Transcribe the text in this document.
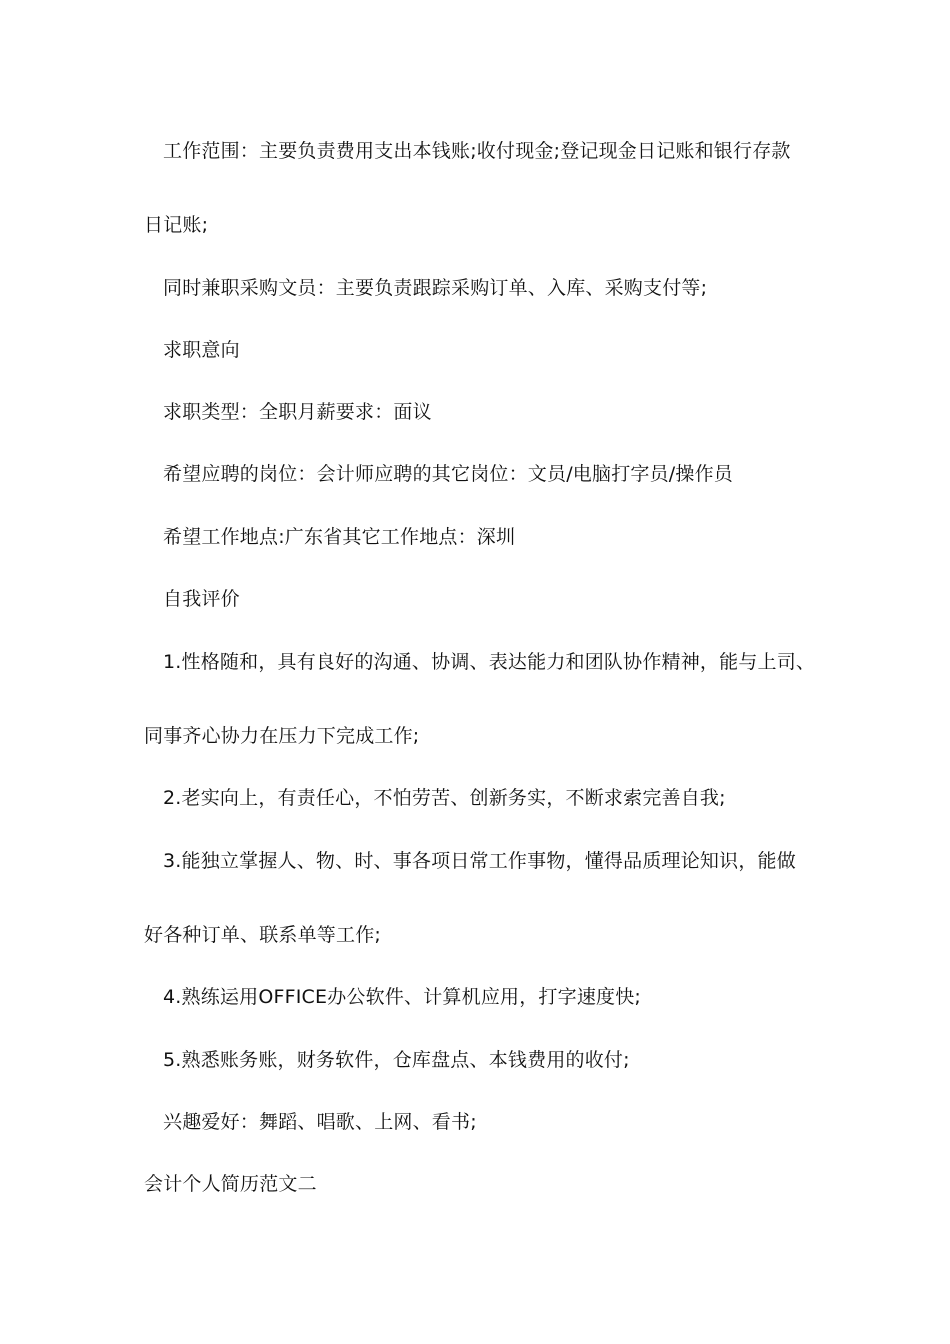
工作范围：主要负责费用支出本钱账;收付现金;登记现金日记账和银行存款
日记账;
同时兼职采购文员：主要负责跟踪采购订单、入库、采购支付等;
求职意向
求职类型：全职月薪要求：面议
希望应聘的岗位：会计师应聘的其它岗位：文员/电脑打字员/操作员
希望工作地点:广东省其它工作地点：深圳
自我评价
1.性格随和，具有良好的沟通、协调、表达能力和团队协作精神，能与上司、
同事齐心协力在压力下完成工作;
2.老实向上，有责任心，不怕劳苦、创新务实，不断求索完善自我;
3.能独立掌握人、物、时、事各项日常工作事物，懂得品质理论知识，能做
好各种订单、联系单等工作;
4.熟练运用OFFICE办公软件、计算机应用，打字速度快;
5.熟悉账务账，财务软件，仓库盘点、本钱费用的收付;
兴趣爱好：舞蹈、唱歌、上网、看书;
会计个人简历范文二
